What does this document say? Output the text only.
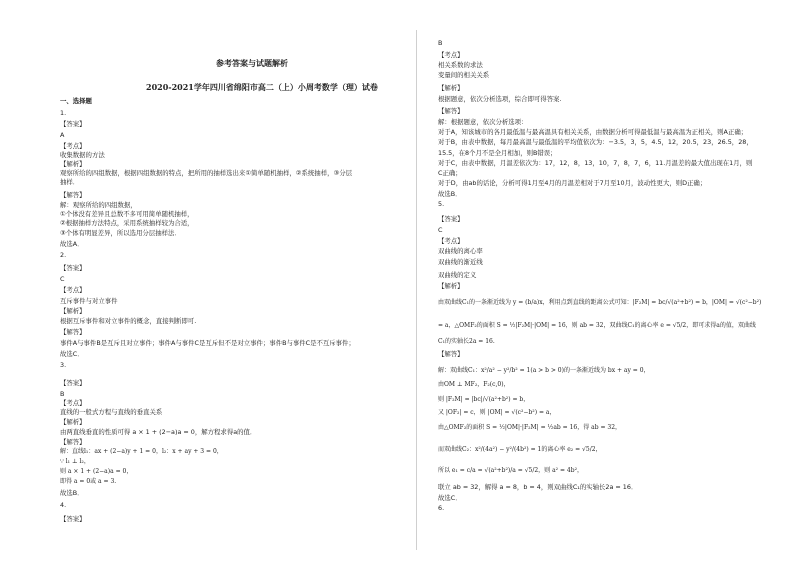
参考答案与试题解析
2020-2021学年四川省绵阳市高二（上）小周考数学（理）试卷
一、选择题
1.
【答案】
A
【考点】
收集数据的方法
【解析】
观察所给的四组数据，根据四组数据的特点，把所用的抽样选出来①简单随机抽样，②系统抽样，③分层
抽样．
【解答】
解：观察所给的四组数据，
①个体没有差异且总数不多可用简单随机抽样，
②根据抽样方法特点，采用系统抽样较为合适，
③个体有明显差异，所以选用分层抽样法．
故选A．
2.
【答案】
C
【考点】
互斥事件与对立事件
【解析】
根据互斥事件和对立事件的概念，直接判断即可.
【解答】
事件A与事件B是互斥且对立事件；事件A与事件C是互斥但不是对立事件；事件B与事件C是不互斥事件；
故选C．
3.
【答案】
B
【考点】
直线的一般式方程与直线的垂直关系
【解析】
由两直线垂直的性质可得 a × 1 + (2−a)a = 0，解方程求得a的值．
【解答】
解：直线l₁：ax + (2−a)y + 1 = 0，l₂：x + ay + 3 = 0，
∵ l₁ ⊥ l₂，
则 a × 1 + (2−a)a = 0，
即得 a = 0或 a = 3.
故选B．
4.
【答案】
B
【考点】
相关系数的求法
变量间的相关关系
【解析】
根据题意，依次分析选项，综合即可得答案.
【解答】
解：根据题意，依次分析选项：
对于A，知该城市的各月最低温与最高温具有相关关系，由数据分析可得最低温与最高温为正相关，则A正确；
对于B，由表中数据，每月最高温与最低温的平均值依次为：−3.5，3，5，4.5，12，20.5，23，26.5，28，
15.5，在8个月不是全月相加，则B错误；
对于C，由表中数据，月温差依次为：17，12，8，13，10，7，8，7，6，11.月温差的最大值出现在1月，则
C正确；
对于D，由ab的话论，分析可得1月至4月的月温差相对于7月至10月，波动性更大，则D正确；
故选B．
5.
【答案】
C
【考点】
双曲线的离心率
双曲线的渐近线
双曲线的定义
【解析】
由双曲线C₁的一条渐近线为 y = (b/a)x，利用点到直线的距离公式可知：|F₂M| = bc/√(a²+b²) = b，|OM| = √(c²−b²)
= a，△OMF₂的面积 S = ½|F₂M|·|OM| = 16，则 ab = 32，双曲线C₁的离心率 e = √5/2，即可求得a的值，双曲线
C₁的实轴长2a = 16.
【解答】
解：双曲线C₁：x²/a² − y²/b² = 1(a > b > 0)的一条渐近线为 bx + ay = 0，
由OM ⊥ MF₂，F₂(c,0)，
则 |F₂M| = |bc|/√(a²+b²) = b，
又 |OF₂| = c，则 |OM| = √(c²−b²) = a，
由△OMF₂的面积 S = ½|OM|·|F₂M| = ½ab = 16，得 ab = 32，
而双曲线C₂：x²/(4a²) − y²/(4b²) = 1的离心率 e₂ = √5/2，
所以 e₁ = c/a = √(a²+b²)/a = √5/2，则 a² = 4b²，
联立 ab = 32，解得 a = 8，b = 4，则双曲线C₁的实轴长2a = 16．
故选C．
6.
